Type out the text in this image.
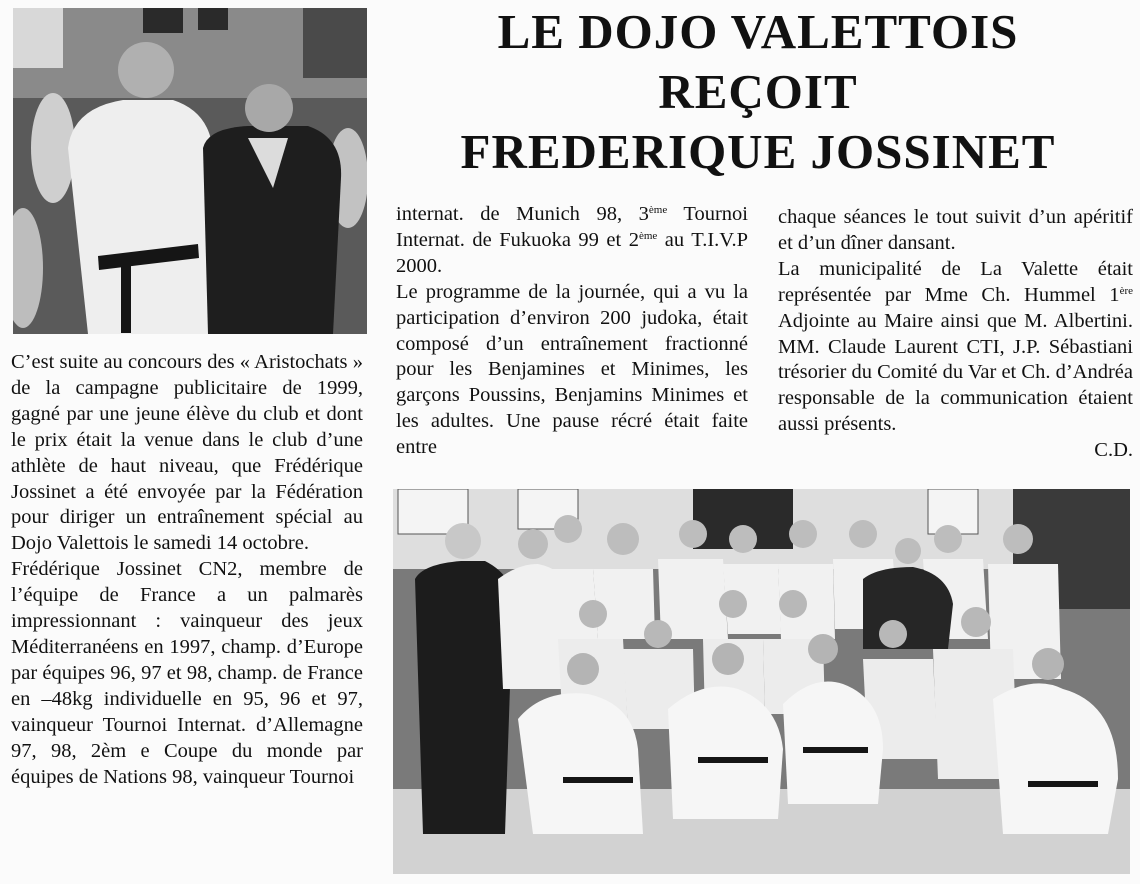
LE DOJO VALETTOIS
REÇOIT
FREDERIQUE JOSSINET

C’est suite au concours des « Aristochats » de la campagne publicitaire de 1999, gagné par une jeune élève du club et dont le prix était la venue dans le club d’une athlète de haut niveau, que Frédérique Jossinet a été envoyée par la Fédération pour diriger un entraînement spécial au Dojo Valettois le samedi 14 octobre.

Frédérique Jossinet CN2, membre de l’équipe de France a un palmarès impressionnant : vainqueur des jeux Méditerranéens en 1997, champ. d’Europe par équipes 96, 97 et 98, champ. de France en –48kg individuelle en 95, 96 et 97, vainqueur Tournoi Internat. d’Allemagne 97, 98, 2èm e Coupe du monde par équipes de Nations 98, vainqueur Tournoi

internat. de Munich 98, 3ème Tournoi Internat. de Fukuoka 99 et 2ème au T.I.V.P 2000.

Le programme de la journée, qui a vu la participation d’environ 200 judoka, était composé d’un entraînement fractionné pour les Benjamines et Minimes, les garçons Poussins, Benjamins Minimes et les adultes. Une pause récré était faite entre

chaque séances le tout suivit d’un apéritif et d’un dîner dansant.

La municipalité de La Valette était représentée par Mme Ch. Hummel 1ère Adjointe au Maire ainsi que M. Albertini. MM. Claude Laurent CTI, J.P. Sébastiani trésorier du Comité du Var et Ch. d’Andréa responsable de la communication étaient aussi présents.

C.D.
